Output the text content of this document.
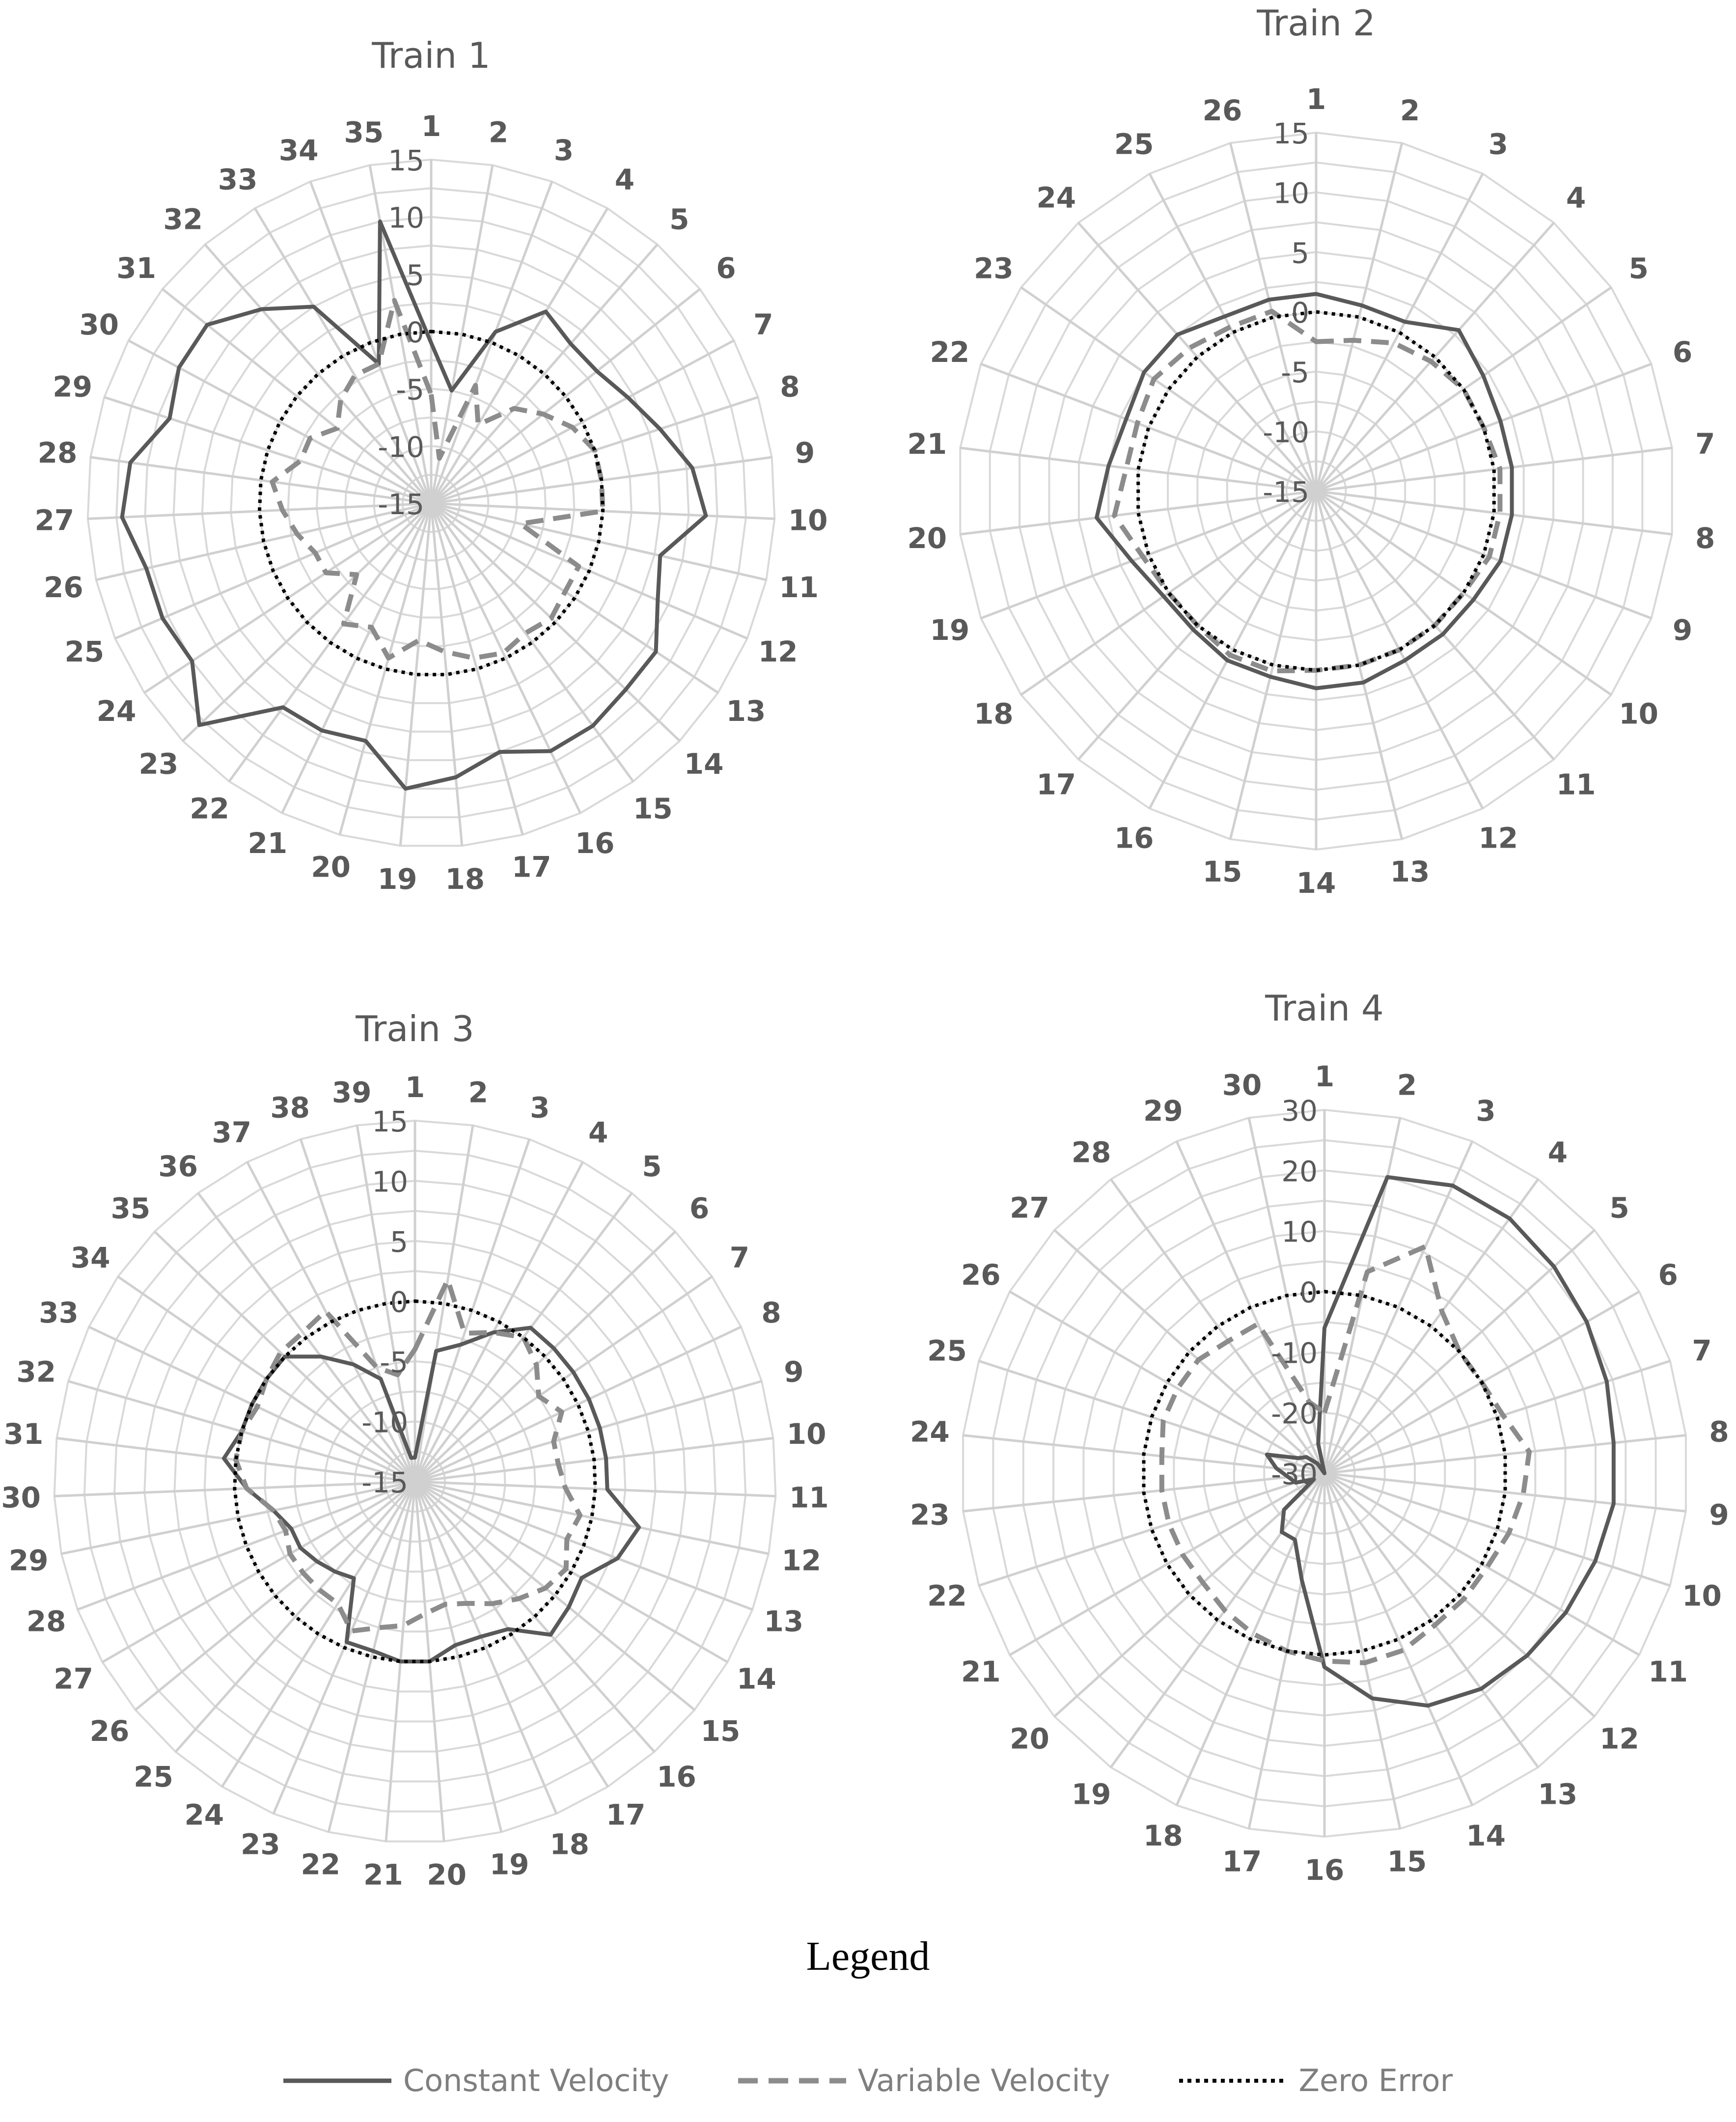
15
10
5
0
-5
-10
-15
1 2
3
4
5
6
7
8
9
10
11
12
13
14
15
16
17
18
19
20
21
22
23
24
25
26
27
28
29
30
31
32
33
34
35
Train 1
15
10
5
0
-5
-10
-15
1	2
3
4
5
6
7
8
9
10
11
12
13
14
15
16
17
18
19
20
21
22
23
24
25
26
Train 2
15
10
5
0
-5
-10
-15
1 2 3
4
5
6
7
8
9
10
11
12
13
14
15
16
17
18
19
20
21
22
23
24
25
26
27
28
29
30
31
32
33
34
35
36
37
38 39
Train 3
30
20
10
0
-10
-20
-30
1 2
3
4
5
6
7
8
9
10
11
12
13
14
15
16
17
18
19
20
21
22
23
24
25
26
27
28
29
30
Train 4
Legend
Constant Velocity	Variable Velocity	Zero Error
